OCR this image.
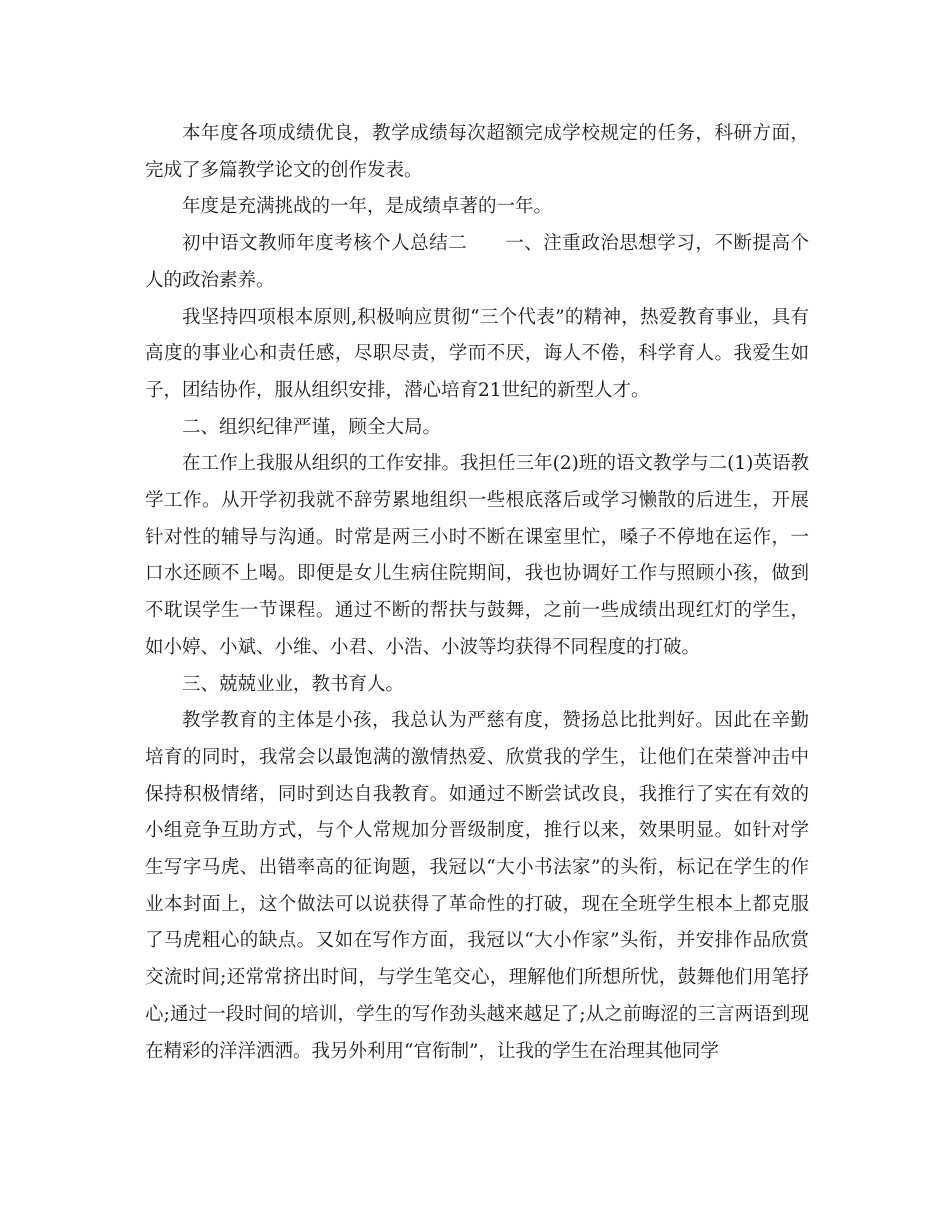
本年度各项成绩优良，教学成绩每次超额完成学校规定的任务，科研方面，完成了多篇教学论文的创作发表。

年度是充满挑战的一年，是成绩卓著的一年。

初中语文教师年度考核个人总结二　　一、注重政治思想学习，不断提高个人的政治素养。

我坚持四项根本原则,积极响应贯彻“三个代表”的精神，热爱教育事业，具有高度的事业心和责任感，尽职尽责，学而不厌，诲人不倦，科学育人。我爱生如子，团结协作，服从组织安排，潜心培育21世纪的新型人才。

二、组织纪律严谨，顾全大局。

在工作上我服从组织的工作安排。我担任三年(2)班的语文教学与二(1)英语教学工作。从开学初我就不辞劳累地组织一些根底落后或学习懒散的后进生，开展针对性的辅导与沟通。时常是两三小时不断在课室里忙，嗓子不停地在运作，一口水还顾不上喝。即便是女儿生病住院期间，我也协调好工作与照顾小孩，做到不耽误学生一节课程。通过不断的帮扶与鼓舞，之前一些成绩出现红灯的学生，如小婷、小斌、小维、小君、小浩、小波等均获得不同程度的打破。

三、兢兢业业，教书育人。

教学教育的主体是小孩，我总认为严慈有度，赞扬总比批判好。因此在辛勤培育的同时，我常会以最饱满的激情热爱、欣赏我的学生，让他们在荣誉冲击中保持积极情绪，同时到达自我教育。如通过不断尝试改良，我推行了实在有效的小组竞争互助方式，与个人常规加分晋级制度，推行以来，效果明显。如针对学生写字马虎、出错率高的征询题，我冠以“大小书法家”的头衔，标记在学生的作业本封面上，这个做法可以说获得了革命性的打破，现在全班学生根本上都克服了马虎粗心的缺点。又如在写作方面，我冠以“大小作家”头衔，并安排作品欣赏交流时间;还常常挤出时间，与学生笔交心，理解他们所想所忧，鼓舞他们用笔抒心;通过一段时间的培训，学生的写作劲头越来越足了;从之前晦涩的三言两语到现在精彩的洋洋洒洒。我另外利用“官衔制”，让我的学生在治理其他同学
